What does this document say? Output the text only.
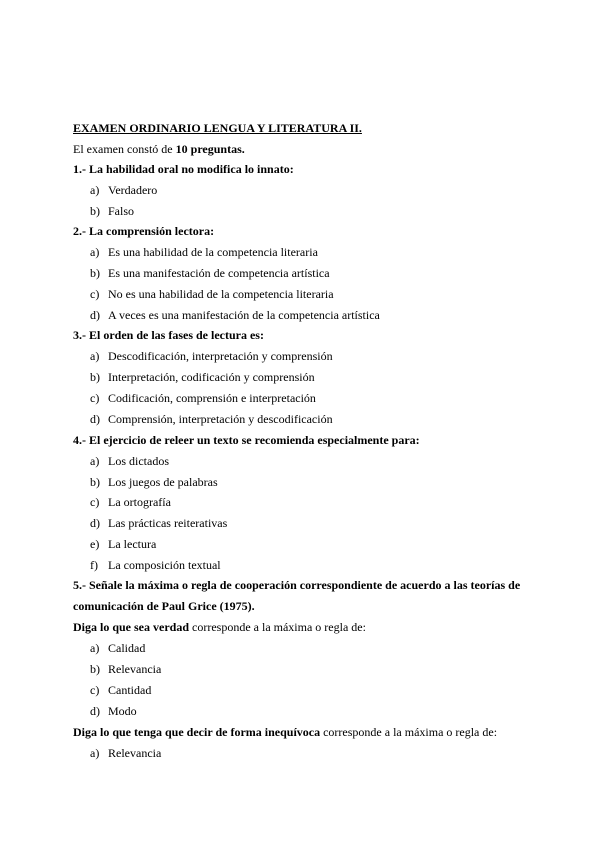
EXAMEN ORDINARIO LENGUA Y LITERATURA II.
El examen constó de 10 preguntas.
1.- La habilidad oral no modifica lo innato:
a) Verdadero
b) Falso
2.- La comprensión lectora:
a) Es una habilidad de la competencia literaria
b) Es una manifestación de competencia artística
c) No es una habilidad de la competencia literaria
d) A veces es una manifestación de la competencia artística
3.- El orden de las fases de lectura es:
a) Descodificación, interpretación y comprensión
b) Interpretación, codificación y comprensión
c) Codificación, comprensión e interpretación
d) Comprensión, interpretación y descodificación
4.- El ejercicio de releer un texto se recomienda especialmente para:
a) Los dictados
b) Los juegos de palabras
c) La ortografía
d) Las prácticas reiterativas
e) La lectura
f) La composición textual
5.- Señale la máxima o regla de cooperación correspondiente de acuerdo a las teorías de
comunicación de Paul Grice (1975).
Diga lo que sea verdad corresponde a la máxima o regla de:
a) Calidad
b) Relevancia
c) Cantidad
d) Modo
Diga lo que tenga que decir de forma inequívoca corresponde a la máxima o regla de:
a) Relevancia
